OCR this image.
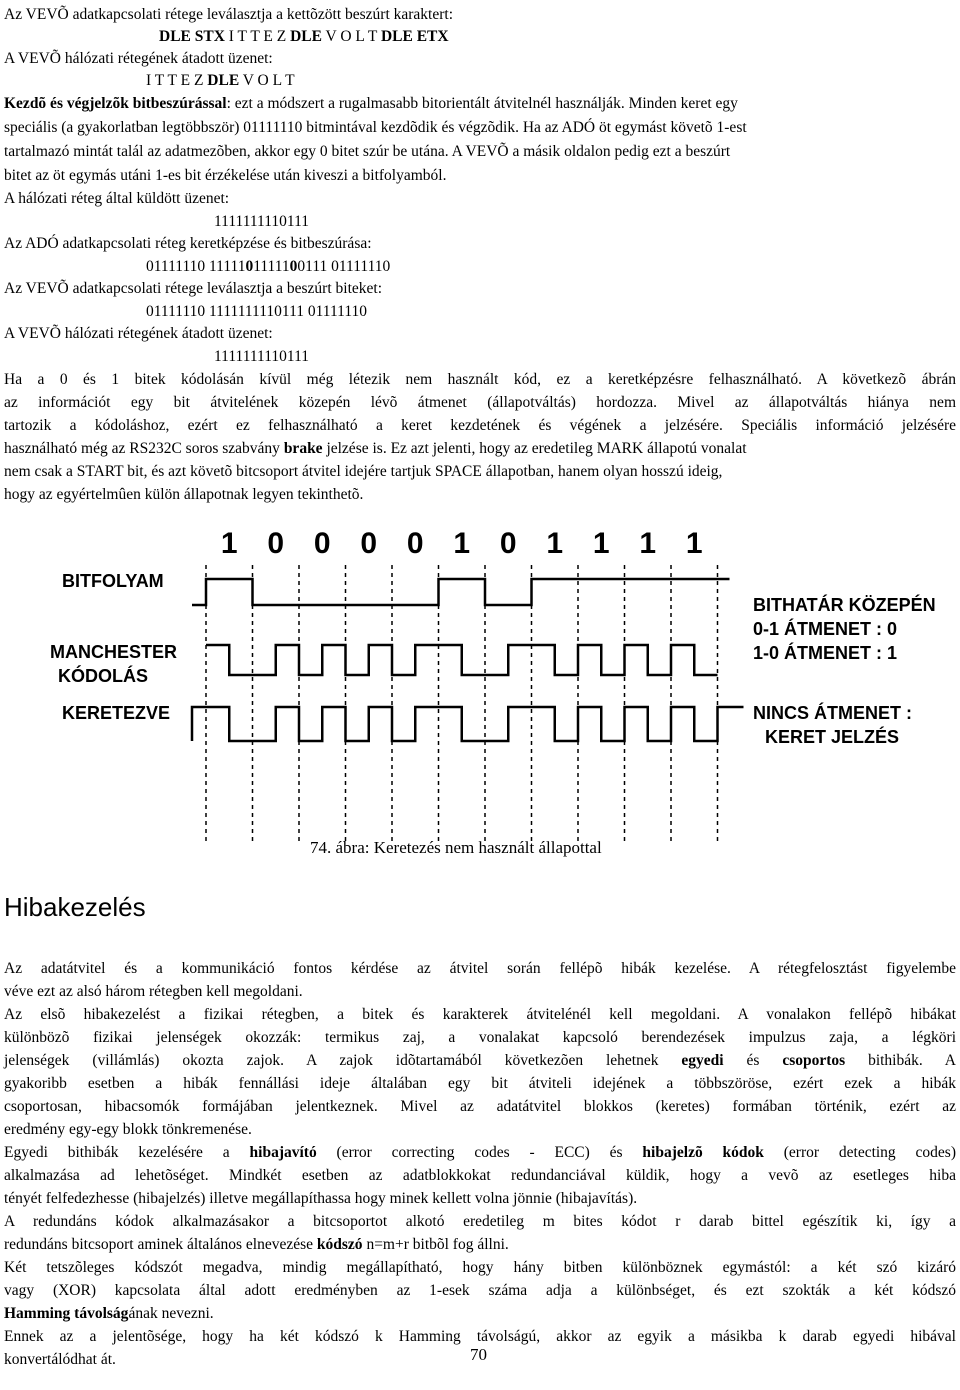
Az VEVÕ adatkapcsolati rétege leválasztja a kettõzött beszúrt karaktert:
DLE STX I T T E Z DLE V O L T DLE ETX
A VEVÕ hálózati rétegének átadott üzenet:
I T T E Z DLE V O L T
Kezdõ és végjelzõk bitbeszúrással: ezt a módszert a rugalmasabb bitorientált átvitelnél használják. Minden keret egy
speciális (a gyakorlatban legtöbbször) 01111110 bitmintával kezdõdik és végzõdik. Ha az ADÓ öt egymást követõ 1-est
tartalmazó mintát talál az adatmezõben, akkor egy 0 bitet szúr be utána. A VEVÕ a másik oldalon pedig ezt a beszúrt
bitet az öt egymás utáni 1-es bit érzékelése után kiveszi a bitfolyamból.
A hálózati réteg által küldött üzenet:
1111111110111
Az ADÓ adatkapcsolati réteg keretképzése és bitbeszúrása:
01111110 1111101111100111 01111110
Az VEVÕ adatkapcsolati rétege leválasztja a beszúrt biteket:
01111110 1111111110111 01111110
A VEVÕ hálózati rétegének átadott üzenet:
1111111110111
Ha a 0 és 1 bitek kódolásán kívül még létezik nem használt kód, ez a keretképzésre felhasználható. A következõ ábrán
az információt egy bit átvitelének közepén lévõ átmenet (állapotváltás) hordozza. Mivel az állapotváltás hiánya nem
tartozik a kódoláshoz, ezért ez felhasználható a keret kezdetének és végének a jelzésére. Speciális információ jelzésére
használható még az RS232C soros szabvány brake jelzése is. Ez azt jelenti, hogy az eredetileg MARK állapotú vonalat
nem csak a START bit, és azt követõ bitcsoport átvitel idejére tartjuk SPACE állapotban, hanem olyan hosszú ideig,
hogy az egyértelmûen külön állapotnak legyen tekinthetõ.
1 0 0 0 0 1 0 1 1 1 1
BITFOLYAM
MANCHESTER
KÓDOLÁS
KERETEZVE
BITHATÁR KÖZEPÉN
0-1 ÁTMENET : 0
1-0 ÁTMENET : 1
NINCS ÁTMENET :
KERET JELZÉS
74. ábra: Keretezés nem használt állapottal
Hibakezelés
Az adatátvitel és a kommunikáció fontos kérdése az átvitel során fellépõ hibák kezelése. A rétegfelosztást figyelembe
véve ezt az alsó három rétegben kell megoldani.
Az elsõ hibakezelést a fizikai rétegben, a bitek és karakterek átvitelénél kell megoldani. A vonalakon fellépõ hibákat
különbözõ fizikai jelenségek okozzák: termikus zaj, a vonalakat kapcsoló berendezések impulzus zaja, a légköri
jelenségek (villámlás) okozta zajok. A zajok idõtartamából következõen lehetnek egyedi és csoportos bithibák. A
gyakoribb esetben a hibák fennállási ideje általában egy bit átviteli idejének a többszöröse, ezért ezek a hibák
csoportosan, hibacsomók formájában jelentkeznek. Mivel az adatátvitel blokkos (keretes) formában történik, ezért az
eredmény egy-egy blokk tönkremenése.
Egyedi bithibák kezelésére a hibajavító (error correcting codes - ECC) és hibajelzõ kódok (error detecting codes)
alkalmazása ad lehetõséget. Mindkét esetben az adatblokkokat redundanciával küldik, hogy a vevõ az esetleges hiba
tényét felfedezhesse (hibajelzés) illetve megállapíthassa hogy minek kellett volna jönnie (hibajavítás).
A redundáns kódok alkalmazásakor a bitcsoportot alkotó eredetileg m bites kódot r darab bittel egészítik ki, így a
redundáns bitcsoport aminek általános elnevezése kódszó n=m+r bitbõl fog állni.
Két tetszõleges kódszót megadva, mindig megállapítható, hogy hány bitben különböznek egymástól: a két szó kizáró
vagy (XOR) kapcsolata által adott eredményben az 1-esek száma adja a különbséget, és ezt szokták a két kódszó
Hamming távolságának nevezni.
Ennek az a jelentõsége, hogy ha két kódszó k Hamming távolságú, akkor az egyik a másikba k darab egyedi hibával
konvertálódhat át.	70
